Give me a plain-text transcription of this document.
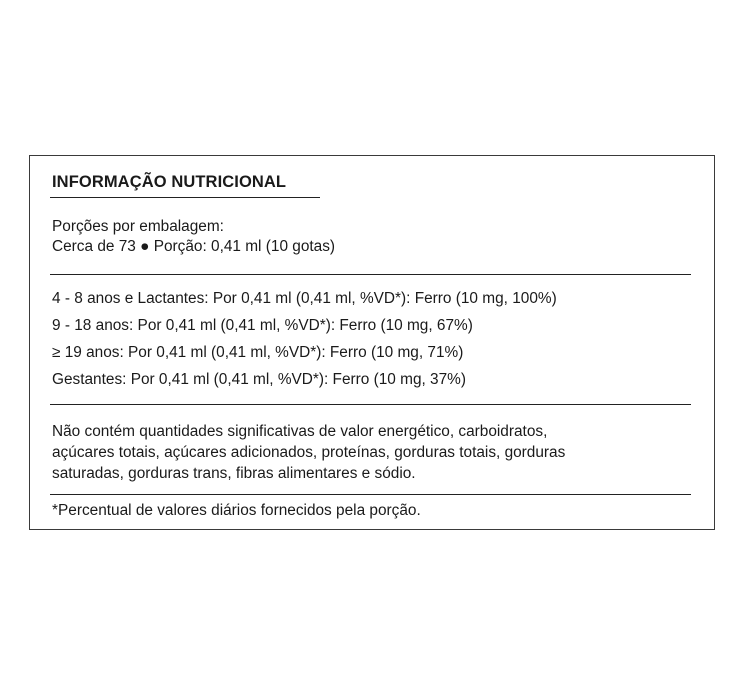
INFORMAÇÃO NUTRICIONAL
Porções por embalagem:
Cerca de 73 ● Porção: 0,41 ml (10 gotas)
4 - 8 anos e Lactantes: Por 0,41 ml (0,41 ml, %VD*): Ferro (10 mg, 100%)
9 - 18 anos: Por 0,41 ml (0,41 ml, %VD*): Ferro (10 mg, 67%)
≥ 19 anos: Por 0,41 ml (0,41 ml, %VD*): Ferro (10 mg, 71%)
Gestantes: Por 0,41 ml (0,41 ml, %VD*): Ferro (10 mg, 37%)
Não contém quantidades significativas de valor energético, carboidratos,
açúcares totais, açúcares adicionados, proteínas, gorduras totais, gorduras
saturadas, gorduras trans, fibras alimentares e sódio.
*Percentual de valores diários fornecidos pela porção.
